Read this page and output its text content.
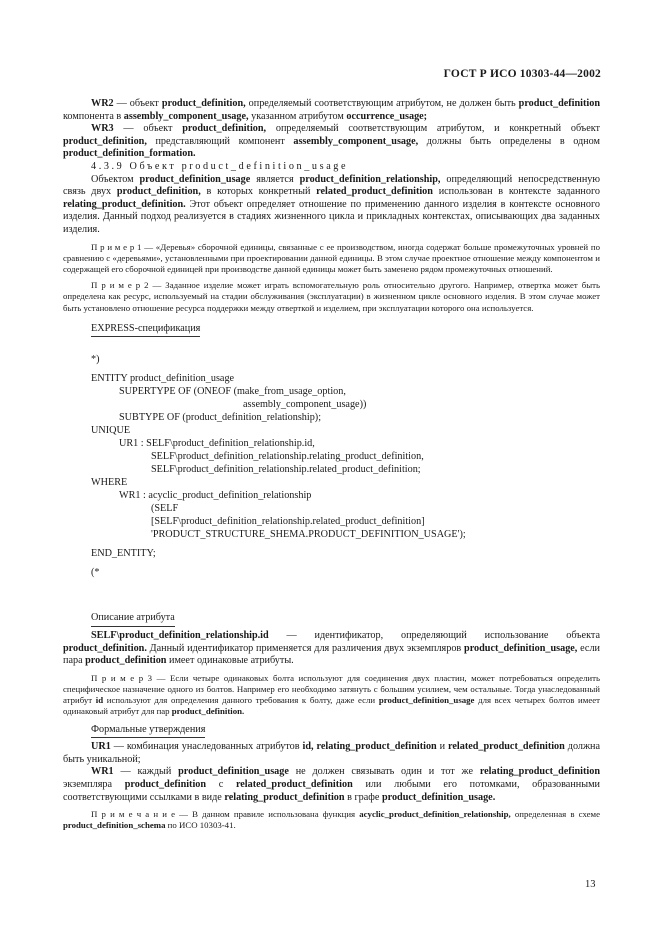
ГОСТ Р ИСО 10303-44—2002

WR2 — объект product_definition, определяемый соответствующим атрибутом, не должен быть product_definition компонента в assembly_component_usage, указанном атрибутом occurrence_usage;

WR3 — объект product_definition, определяемый соответствующим атрибутом, и конкретный объект product_definition, представляющий компонент assembly_component_usage, должны быть определены в одном product_definition_formation.

4.3.9 Объект product_definition_usage

Объектом product_definition_usage является product_definition_relationship, определяющий непосредственную связь двух product_definition, в которых конкретный related_product_definition использован в контексте заданного relating_product_definition. Этот объект определяет отношение по применению данного изделия в контексте основного изделия. Данный подход реализуется в стадиях жизненного цикла и прикладных контекстах, описывающих два заданных изделия.

П р и м е р 1 — «Деревья» сборочной единицы, связанные с ее производством, иногда содержат больше промежуточных уровней по сравнению с «деревьями», установленными при проектировании данной единицы. В этом случае проектное отношение между компонентом и содержащей его сборочной единицей при производстве данной единицы может быть заменено рядом промежуточных отношений.

П р и м е р 2 — Заданное изделие может играть вспомогательную роль относительно другого. Например, отвертка может быть определена как ресурс, используемый на стадии обслуживания (эксплуатации) в жизненном цикле основного изделия. В этом случае может быть установлено отношение ресурса поддержки между отверткой и изделием, при эксплуатации которого она используется.

EXPRESS-спецификация

*)
ENTITY product_definition_usage
SUPERTYPE OF (ONEOF (make_from_usage_option,
assembly_component_usage))
SUBTYPE OF (product_definition_relationship);
UNIQUE
UR1 : SELF\product_definition_relationship.id,
SELF\product_definition_relationship.relating_product_definition,
SELF\product_definition_relationship.related_product_definition;
WHERE
WR1 : acyclic_product_definition_relationship
(SELF
[SELF\product_definition_relationship.related_product_definition]
'PRODUCT_STRUCTURE_SHEMA.PRODUCT_DEFINITION_USAGE');
END_ENTITY;
(*

Описание атрибута

SELF\product_definition_relationship.id — идентификатор, определяющий использование объекта product_definition. Данный идентификатор применяется для различения двух экземпляров product_definition_usage, если пара product_definition имеет одинаковые атрибуты.

П р и м е р 3 — Если четыре одинаковых болта используют для соединения двух пластин, может потребоваться определить специфическое назначение одного из болтов. Например его необходимо затянуть с большим усилием, чем остальные. Тогда унаследованный атрибут id используют для определения данного требования к болту, даже если product_definition_usage для всех четырех болтов имеет одинаковый атрибут для пар product_definition.

Формальные утверждения

UR1 — комбинация унаследованных атрибутов id, relating_product_definition и related_product_definition должна быть уникальной;

WR1 — каждый product_definition_usage не должен связывать один и тот же relating_product_definition экземпляра product_definition с related_product_definition или любыми его потомками, образованными соответствующими ссылками в виде relating_product_definition в графе product_definition_usage.

П р и м е ч а н и е — В данном правиле использована функция acyclic_product_definition_relationship, определенная в схеме product_definition_schema по ИСО 10303-41.

13
